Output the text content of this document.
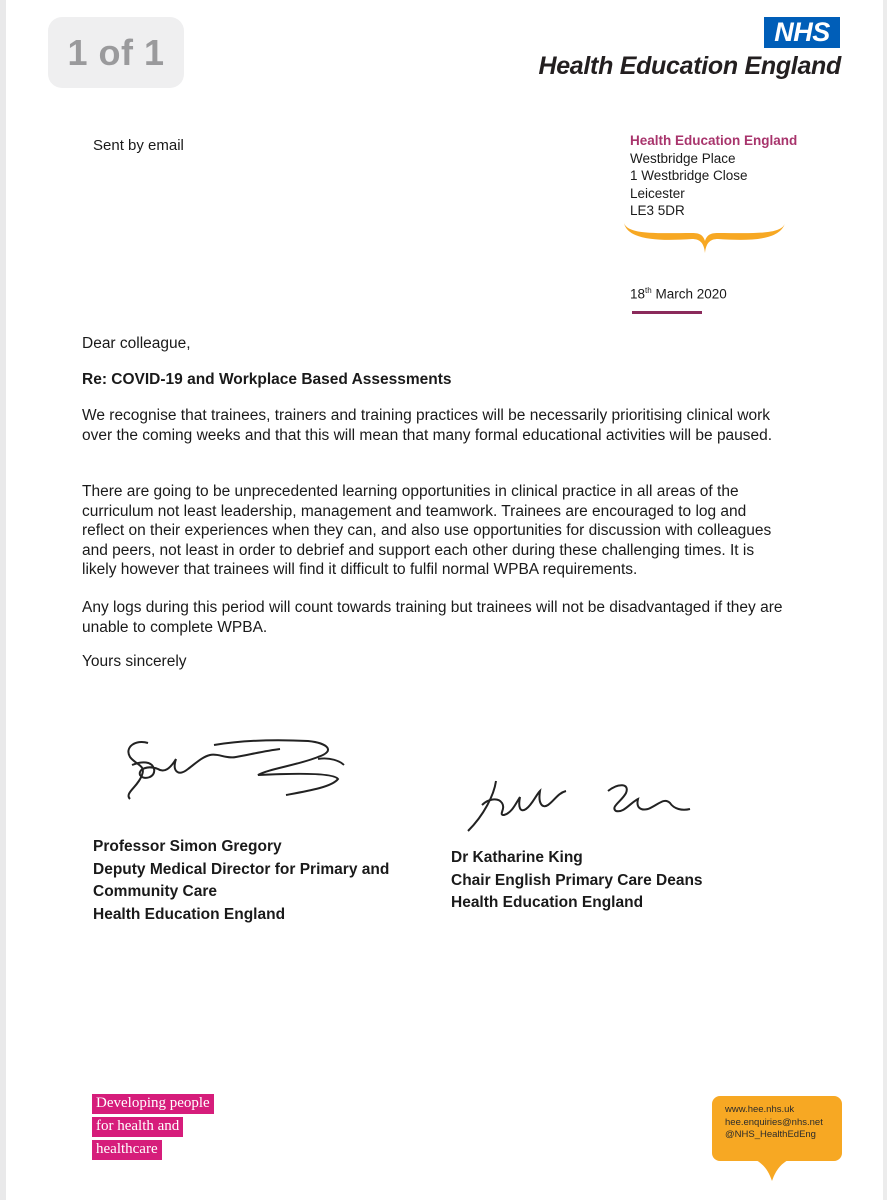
1 of 1	NHS
Health Education England
Sent by email	Health Education England
Westbridge Place
1 Westbridge Close
Leicester
LE3 5DR
18th March 2020

Dear colleague,

Re: COVID-19 and Workplace Based Assessments

We recognise that trainees, trainers and training practices will be necessarily prioritising clinical work over the coming weeks and that this will mean that many formal educational activities will be paused.

There are going to be unprecedented learning opportunities in clinical practice in all areas of the curriculum not least leadership, management and teamwork. Trainees are encouraged to log and reflect on their experiences when they can, and also use opportunities for discussion with colleagues and peers, not least in order to debrief and support each other during these challenging times. It is likely however that trainees will find it difficult to fulfil normal WPBA requirements.

Any logs during this period will count towards training but trainees will not be disadvantaged if they are unable to complete WPBA.

Yours sincerely

Professor Simon Gregory
Deputy Medical Director for Primary and
Community Care
Health Education England
Dr Katharine King
Chair English Primary Care Deans
Health Education England
Developing people
for health and
healthcare
www.hee.nhs.uk
hee.enquiries@nhs.net
@NHS_HealthEdEng
